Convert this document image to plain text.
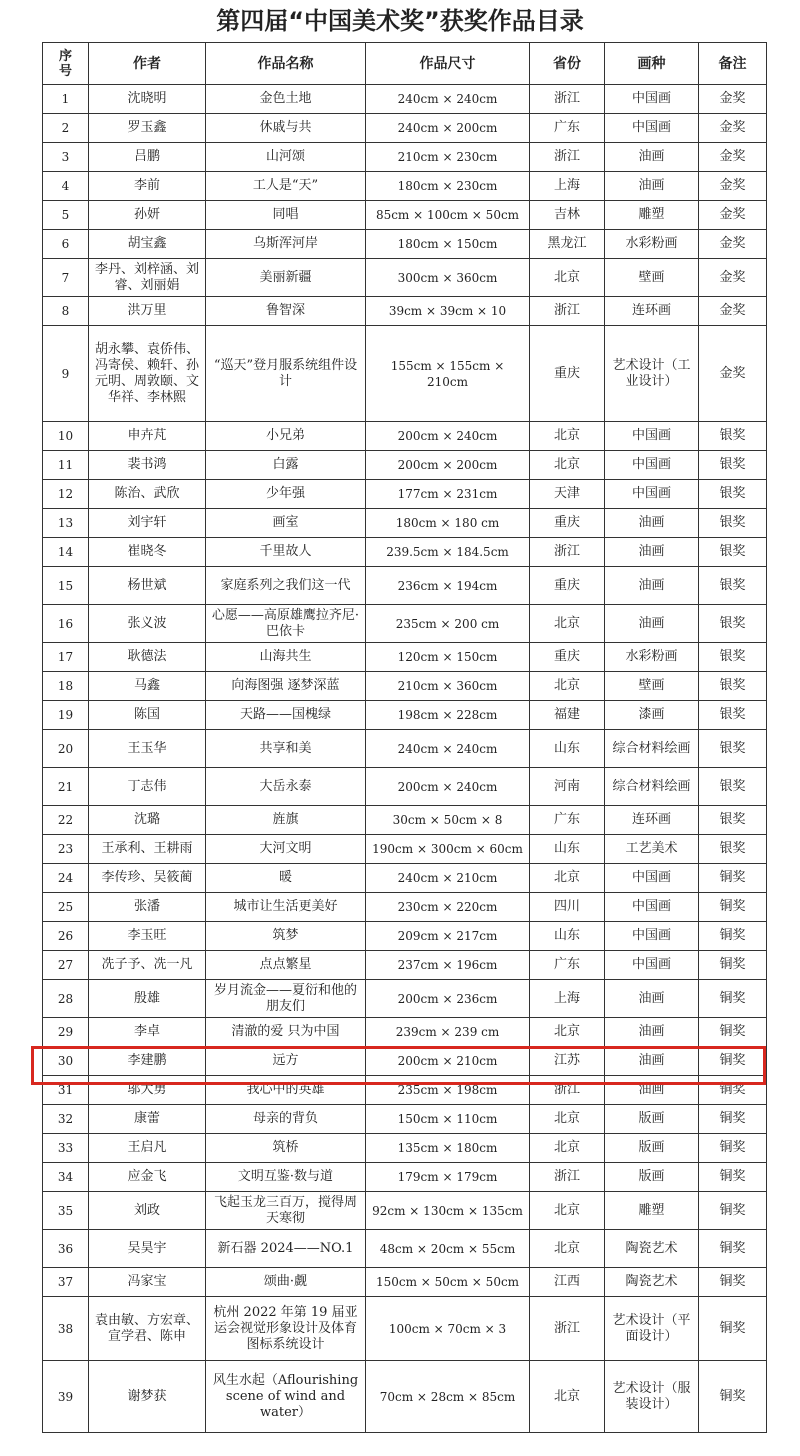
第四届“中国美术奖”获奖作品目录
序号	作者	作品名称	作品尺寸	省份	画种	备注
1	沈晓明	金色土地	240cm × 240cm	浙江	中国画	金奖
2	罗玉鑫	休戚与共	240cm × 200cm	广东	中国画	金奖
3	吕鹏	山河颂	210cm × 230cm	浙江	油画	金奖
4	李前	工人是“天”	180cm × 230cm	上海	油画	金奖
5	孙妍	同唱	85cm × 100cm × 50cm	吉林	雕塑	金奖
6	胡宝鑫	乌斯浑河岸	180cm × 150cm	黑龙江	水彩粉画	金奖
7	李丹、刘梓涵、刘睿、刘丽娟	美丽新疆	300cm × 360cm	北京	壁画	金奖
8	洪万里	鲁智深	39cm × 39cm × 10	浙江	连环画	金奖
9	胡永攀、袁侨伟、冯寄侯、赖轩、孙元明、周敦颐、文华祥、李林熙	“巡天”登月服系统组件设计	155cm × 155cm × 210cm	重庆	艺术设计（工业设计）	金奖
10	申卉芃	小兄弟	200cm × 240cm	北京	中国画	银奖
11	裴书鸿	白露	200cm × 200cm	北京	中国画	银奖
12	陈治、武欣	少年强	177cm × 231cm	天津	中国画	银奖
13	刘宇轩	画室	180cm × 180 cm	重庆	油画	银奖
14	崔晓冬	千里故人	239.5cm × 184.5cm	浙江	油画	银奖
15	杨世斌	家庭系列之我们这一代	236cm × 194cm	重庆	油画	银奖
16	张义波	心愿——高原雄鹰拉齐尼·巴依卡	235cm × 200 cm	北京	油画	银奖
17	耿德法	山海共生	120cm × 150cm	重庆	水彩粉画	银奖
18	马鑫	向海图强 逐梦深蓝	210cm × 360cm	北京	壁画	银奖
19	陈国	天路——国槐绿	198cm × 228cm	福建	漆画	银奖
20	王玉华	共享和美	240cm × 240cm	山东	综合材料绘画	银奖
21	丁志伟	大岳永泰	200cm × 240cm	河南	综合材料绘画	银奖
22	沈璐	旌旗	30cm × 50cm × 8	广东	连环画	银奖
23	王承利、王耕雨	大河文明	190cm × 300cm × 60cm	山东	工艺美术	银奖
24	李传珍、吴筱蔺	暖	240cm × 210cm	北京	中国画	铜奖
25	张潘	城市让生活更美好	230cm × 220cm	四川	中国画	铜奖
26	李玉旺	筑梦	209cm × 217cm	山东	中国画	铜奖
27	冼子予、冼一凡	点点繁星	237cm × 196cm	广东	中国画	铜奖
28	殷雄	岁月流金——夏衍和他的朋友们	200cm × 236cm	上海	油画	铜奖
29	李卓	清澈的爱 只为中国	239cm × 239 cm	北京	油画	铜奖
30	李建鹏	远方	200cm × 210cm	江苏	油画	铜奖
31	邬大勇	我心中的英雄	235cm × 198cm	浙江	油画	铜奖
32	康蕾	母亲的背负	150cm × 110cm	北京	版画	铜奖
33	王启凡	筑桥	135cm × 180cm	北京	版画	铜奖
34	应金飞	文明互鉴·数与道	179cm × 179cm	浙江	版画	铜奖
35	刘政	飞起玉龙三百万，搅得周天寒彻	92cm × 130cm × 135cm	北京	雕塑	铜奖
36	吴昊宇	新石器 2024——NO.1	48cm × 20cm × 55cm	北京	陶瓷艺术	铜奖
37	冯家宝	颂曲·觑	150cm × 50cm × 50cm	江西	陶瓷艺术	铜奖
38	袁由敏、方宏章、宣学君、陈申	杭州 2022 年第 19 届亚运会视觉形象设计及体育图标系统设计	100cm × 70cm × 3	浙江	艺术设计（平面设计）	铜奖
39	谢梦获	风生水起（Aflourishing scene of wind and water）	70cm × 28cm × 85cm	北京	艺术设计（服装设计）	铜奖
